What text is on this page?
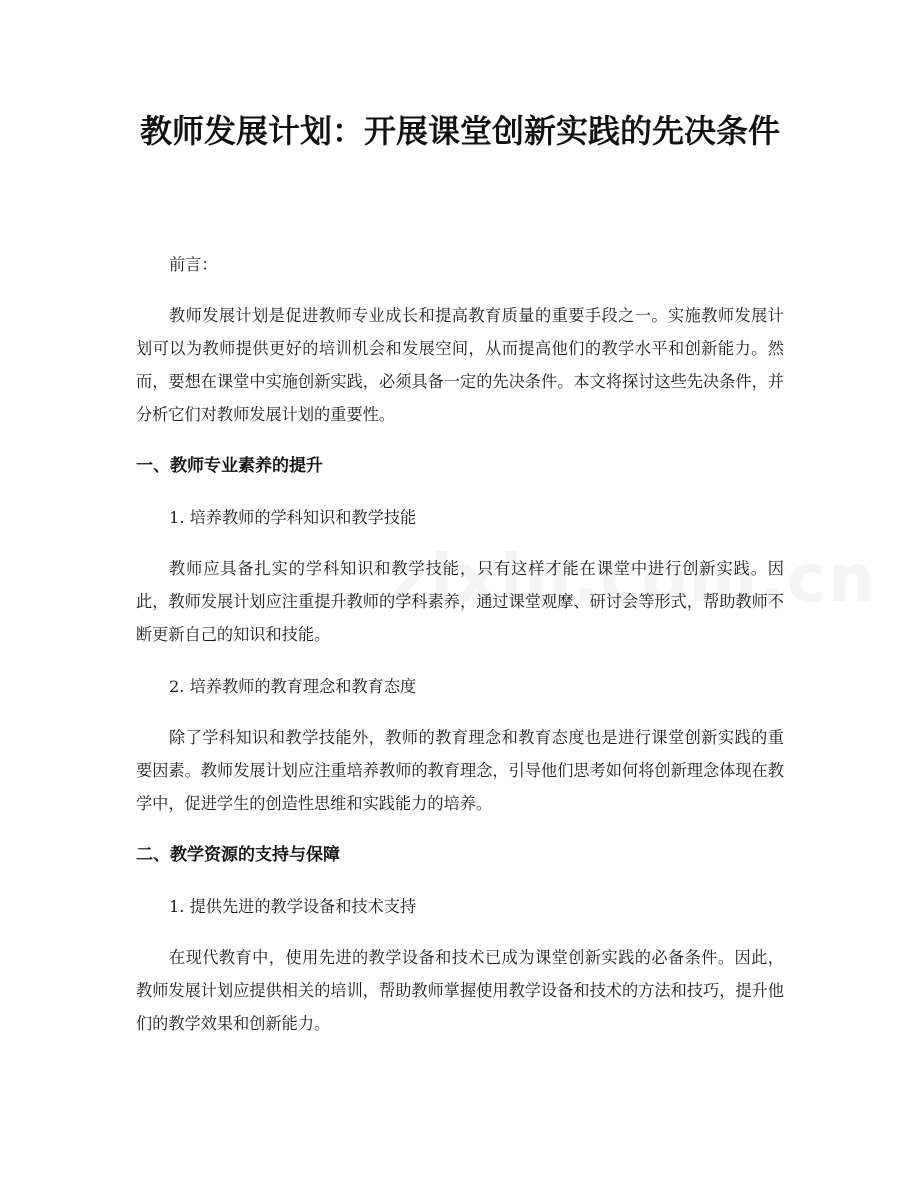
教师发展计划：开展课堂创新实践的先决条件

前言：

教师发展计划是促进教师专业成长和提高教育质量的重要手段之一。实施教师发展计划可以为教师提供更好的培训机会和发展空间，从而提高他们的教学水平和创新能力。然而，要想在课堂中实施创新实践，必须具备一定的先决条件。本文将探讨这些先决条件，并分析它们对教师发展计划的重要性。

一、教师专业素养的提升

1. 培养教师的学科知识和教学技能

教师应具备扎实的学科知识和教学技能，只有这样才能在课堂中进行创新实践。因此，教师发展计划应注重提升教师的学科素养，通过课堂观摩、研讨会等形式，帮助教师不断更新自己的知识和技能。

2. 培养教师的教育理念和教育态度

除了学科知识和教学技能外，教师的教育理念和教育态度也是进行课堂创新实践的重要因素。教师发展计划应注重培养教师的教育理念，引导他们思考如何将创新理念体现在教学中，促进学生的创造性思维和实践能力的培养。

二、教学资源的支持与保障

1. 提供先进的教学设备和技术支持

在现代教育中，使用先进的教学设备和技术已成为课堂创新实践的必备条件。因此，教师发展计划应提供相关的培训，帮助教师掌握使用教学设备和技术的方法和技巧，提升他们的教学效果和创新能力。
